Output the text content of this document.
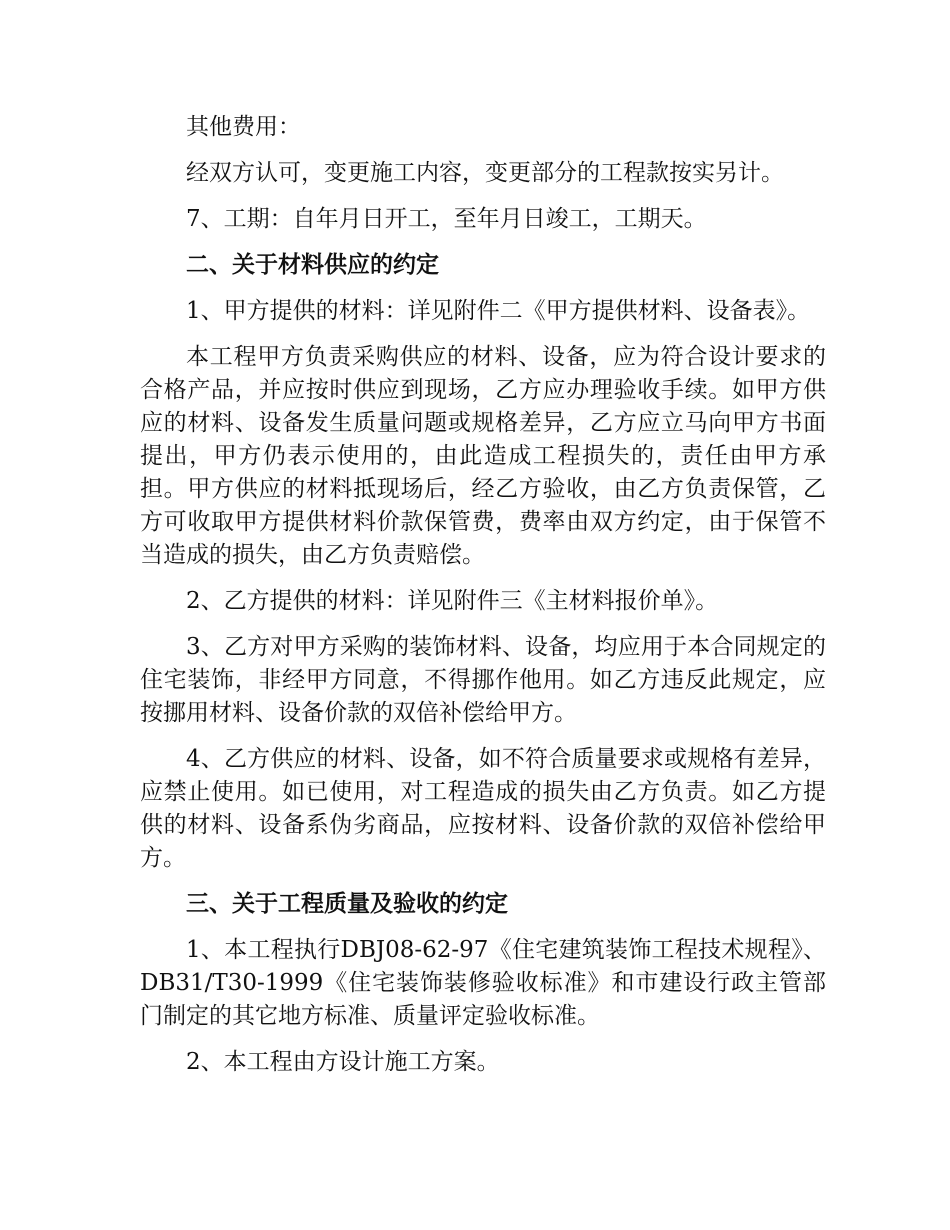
其他费用：

经双方认可，变更施工内容，变更部分的工程款按实另计。

7、工期：自年月日开工，至年月日竣工，工期天。

二、关于材料供应的约定

1、甲方提供的材料：详见附件二《甲方提供材料、设备表》。

本工程甲方负责采购供应的材料、设备，应为符合设计要求的合格产品，并应按时供应到现场，乙方应办理验收手续。如甲方供应的材料、设备发生质量问题或规格差异，乙方应立马向甲方书面提出，甲方仍表示使用的，由此造成工程损失的，责任由甲方承担。甲方供应的材料抵现场后，经乙方验收，由乙方负责保管，乙方可收取甲方提供材料价款保管费，费率由双方约定，由于保管不当造成的损失，由乙方负责赔偿。

2、乙方提供的材料：详见附件三《主材料报价单》。

3、乙方对甲方采购的装饰材料、设备，均应用于本合同规定的住宅装饰，非经甲方同意，不得挪作他用。如乙方违反此规定，应按挪用材料、设备价款的双倍补偿给甲方。

4、乙方供应的材料、设备，如不符合质量要求或规格有差异，应禁止使用。如已使用，对工程造成的损失由乙方负责。如乙方提供的材料、设备系伪劣商品，应按材料、设备价款的双倍补偿给甲方。

三、关于工程质量及验收的约定

1、本工程执行DBJ08-62-97《住宅建筑装饰工程技术规程》、DB31/T30-1999《住宅装饰装修验收标准》和市建设行政主管部门制定的其它地方标准、质量评定验收标准。

2、本工程由方设计施工方案。
